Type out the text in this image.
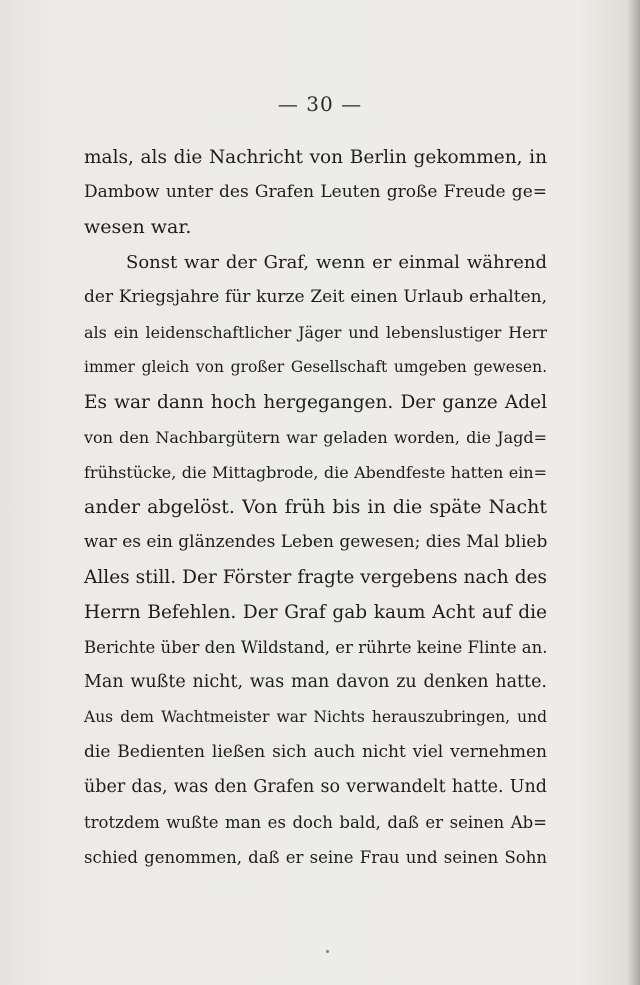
— 30 —
mals, als die Nachricht von Berlin gekommen, in
Dambow unter des Grafen Leuten große Freude ge=
wesen war.
Sonst war der Graf, wenn er einmal während
der Kriegsjahre für kurze Zeit einen Urlaub erhalten,
als ein leidenschaftlicher Jäger und lebenslustiger Herr
immer gleich von großer Gesellschaft umgeben gewesen.
Es war dann hoch hergegangen. Der ganze Adel
von den Nachbargütern war geladen worden, die Jagd=
frühstücke, die Mittagbrode, die Abendfeste hatten ein=
ander abgelöst. Von früh bis in die späte Nacht
war es ein glänzendes Leben gewesen; dies Mal blieb
Alles still. Der Förster fragte vergebens nach des
Herrn Befehlen. Der Graf gab kaum Acht auf die
Berichte über den Wildstand, er rührte keine Flinte an.
Man wußte nicht, was man davon zu denken hatte.
Aus dem Wachtmeister war Nichts herauszubringen, und
die Bedienten ließen sich auch nicht viel vernehmen
über das, was den Grafen so verwandelt hatte. Und
trotzdem wußte man es doch bald, daß er seinen Ab=
schied genommen, daß er seine Frau und seinen Sohn
